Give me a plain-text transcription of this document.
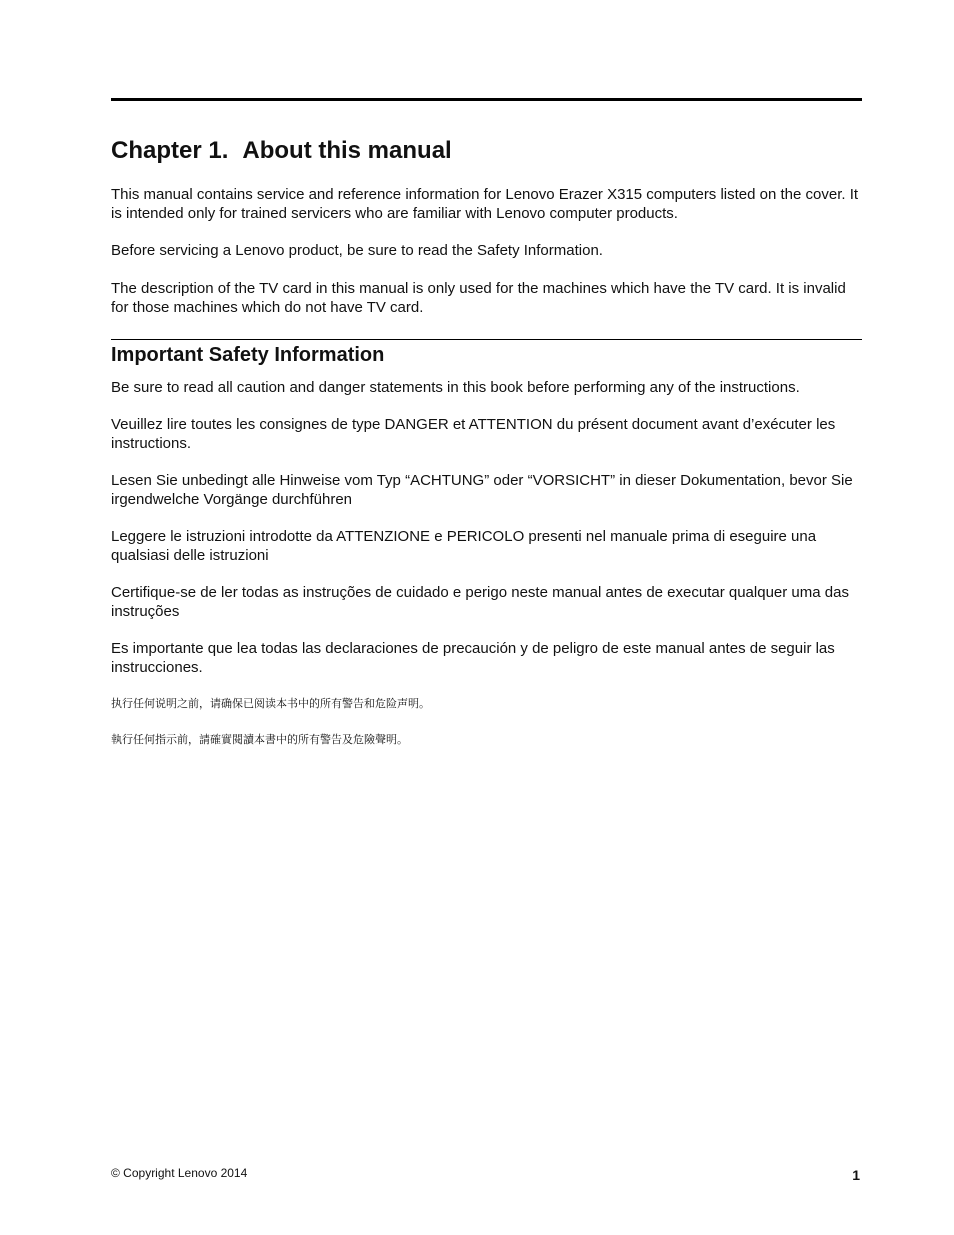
Chapter 1. About this manual

This manual contains service and reference information for Lenovo Erazer X315 computers listed on the cover. It is intended only for trained servicers who are familiar with Lenovo computer products.

Before servicing a Lenovo product, be sure to read the Safety Information.

The description of the TV card in this manual is only used for the machines which have the TV card. It is invalid for those machines which do not have TV card.

Important Safety Information

Be sure to read all caution and danger statements in this book before performing any of the instructions.

Veuillez lire toutes les consignes de type DANGER et ATTENTION du présent document avant d’exécuter les instructions.

Lesen Sie unbedingt alle Hinweise vom Typ “ACHTUNG” oder “VORSICHT” in dieser Dokumentation, bevor Sie irgendwelche Vorgänge durchführen

Leggere le istruzioni introdotte da ATTENZIONE e PERICOLO presenti nel manuale prima di eseguire una qualsiasi delle istruzioni

Certifique-se de ler todas as instruções de cuidado e perigo neste manual antes de executar qualquer uma das instruções

Es importante que lea todas las declaraciones de precaución y de peligro de este manual antes de seguir las instrucciones.

执行任何说明之前，请确保已阅读本书中的所有警告和危险声明。

執行任何指示前，請確實閱讀本書中的所有警告及危險聲明。

© Copyright Lenovo 2014	1
